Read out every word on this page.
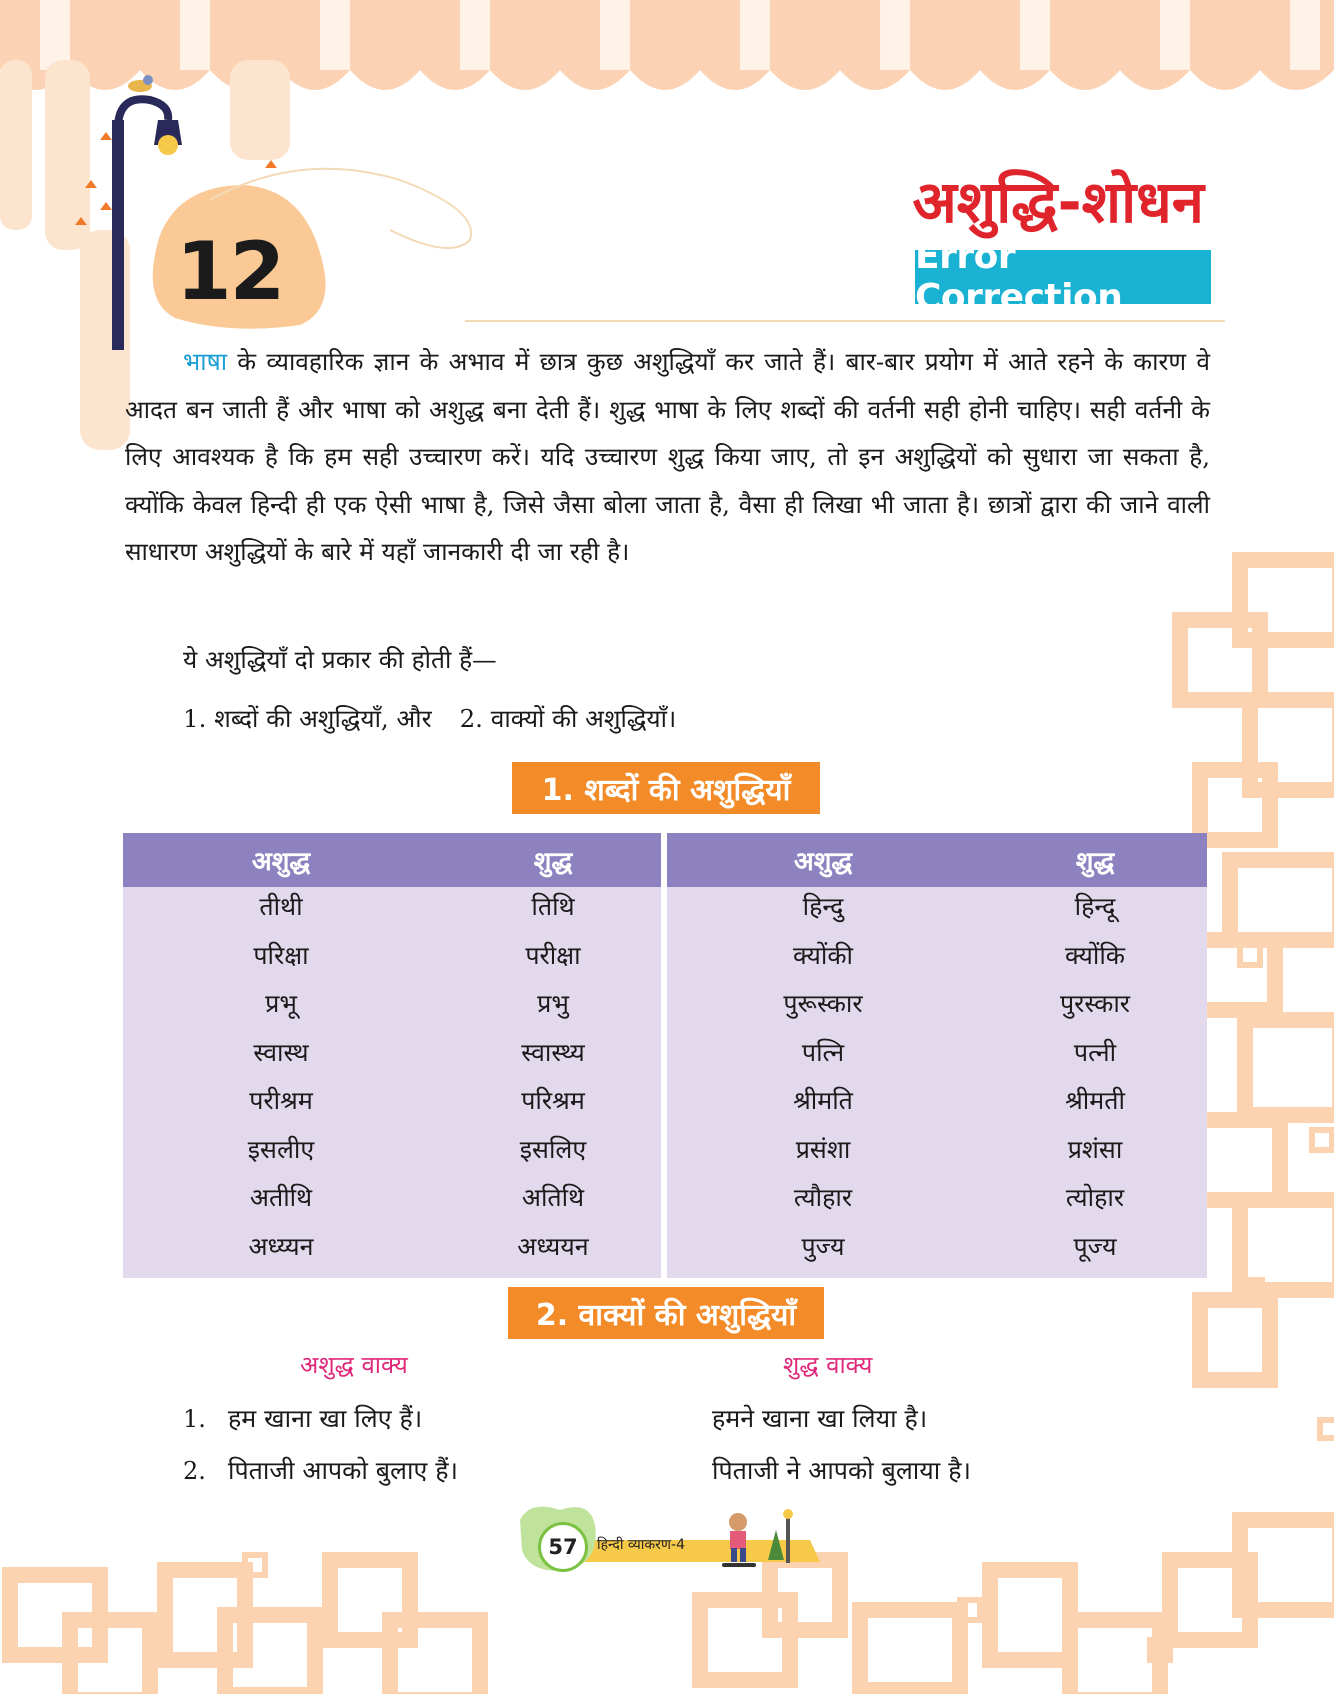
12
अशुद्धि-शोधन
Error Correction
भाषा के व्यावहारिक ज्ञान के अभाव में छात्र कुछ अशुद्धियाँ कर जाते हैं। बार-बार प्रयोग में आते रहने के कारण वे आदत बन जाती हैं और भाषा को अशुद्ध बना देती हैं। शुद्ध भाषा के लिए शब्दों की वर्तनी सही होनी चाहिए। सही वर्तनी के लिए आवश्यक है कि हम सही उच्चारण करें। यदि उच्चारण शुद्ध किया जाए, तो इन अशुद्धियों को सुधारा जा सकता है, क्योंकि केवल हिन्दी ही एक ऐसी भाषा है, जिसे जैसा बोला जाता है, वैसा ही लिखा भी जाता है। छात्रों द्वारा की जाने वाली साधारण अशुद्धियों के बारे में यहाँ जानकारी दी जा रही है।
ये अशुद्धियाँ दो प्रकार की होती हैं—
1. शब्दों की अशुद्धियाँ, और 2. वाक्यों की अशुद्धियाँ।
1. शब्दों की अशुद्धियाँ
अशुद्ध	शुद्ध	अशुद्ध	शुद्ध
तीथी	तिथि	हिन्दु	हिन्दू
परिक्षा	परीक्षा	क्योंकी	क्योंकि
प्रभू	प्रभु	पुरूस्कार	पुरस्कार
स्वास्थ	स्वास्थ्य	पत्नि	पत्नी
परीश्रम	परिश्रम	श्रीमति	श्रीमती
इसलीए	इसलिए	प्रसंशा	प्रशंसा
अतीथि	अतिथि	त्यौहार	त्योहार
अध्य्यन	अध्ययन	पुज्य	पूज्य
2. वाक्यों की अशुद्धियाँ
अशुद्ध वाक्य	शुद्ध वाक्य
1. हम खाना खा लिए हैं।	हमने खाना खा लिया है।
2. पिताजी आपको बुलाए हैं।	पिताजी ने आपको बुलाया है।
57	हिन्दी व्याकरण-4
